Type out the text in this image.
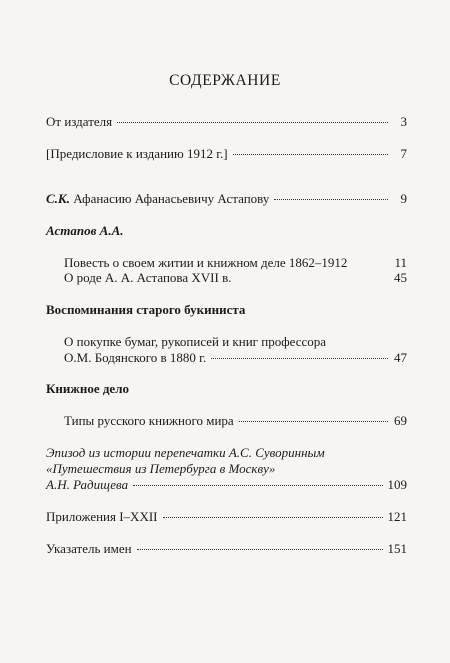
СОДЕРЖАНИЕ
От издателя	3
[Предисловие к изданию 1912 г.]	7
С.К. Афанасию Афанасьевичу Астапову	9
Астапов А.А.
Повесть о своем житии и книжном деле 1862–1912	11
О роде А. А. Астапова XVII в.	45
Воспоминания старого букиниста
О покупке бумаг, рукописей и книг профессора
О.М. Бодянского в 1880 г.	47
Книжное дело
Типы русского книжного мира	69
Эпизод из истории перепечатки А.С. Суворинным
«Путешествия из Петербурга в Москву»
А.Н. Радищева	109
Приложения I–XXII	121
Указатель имен	151
